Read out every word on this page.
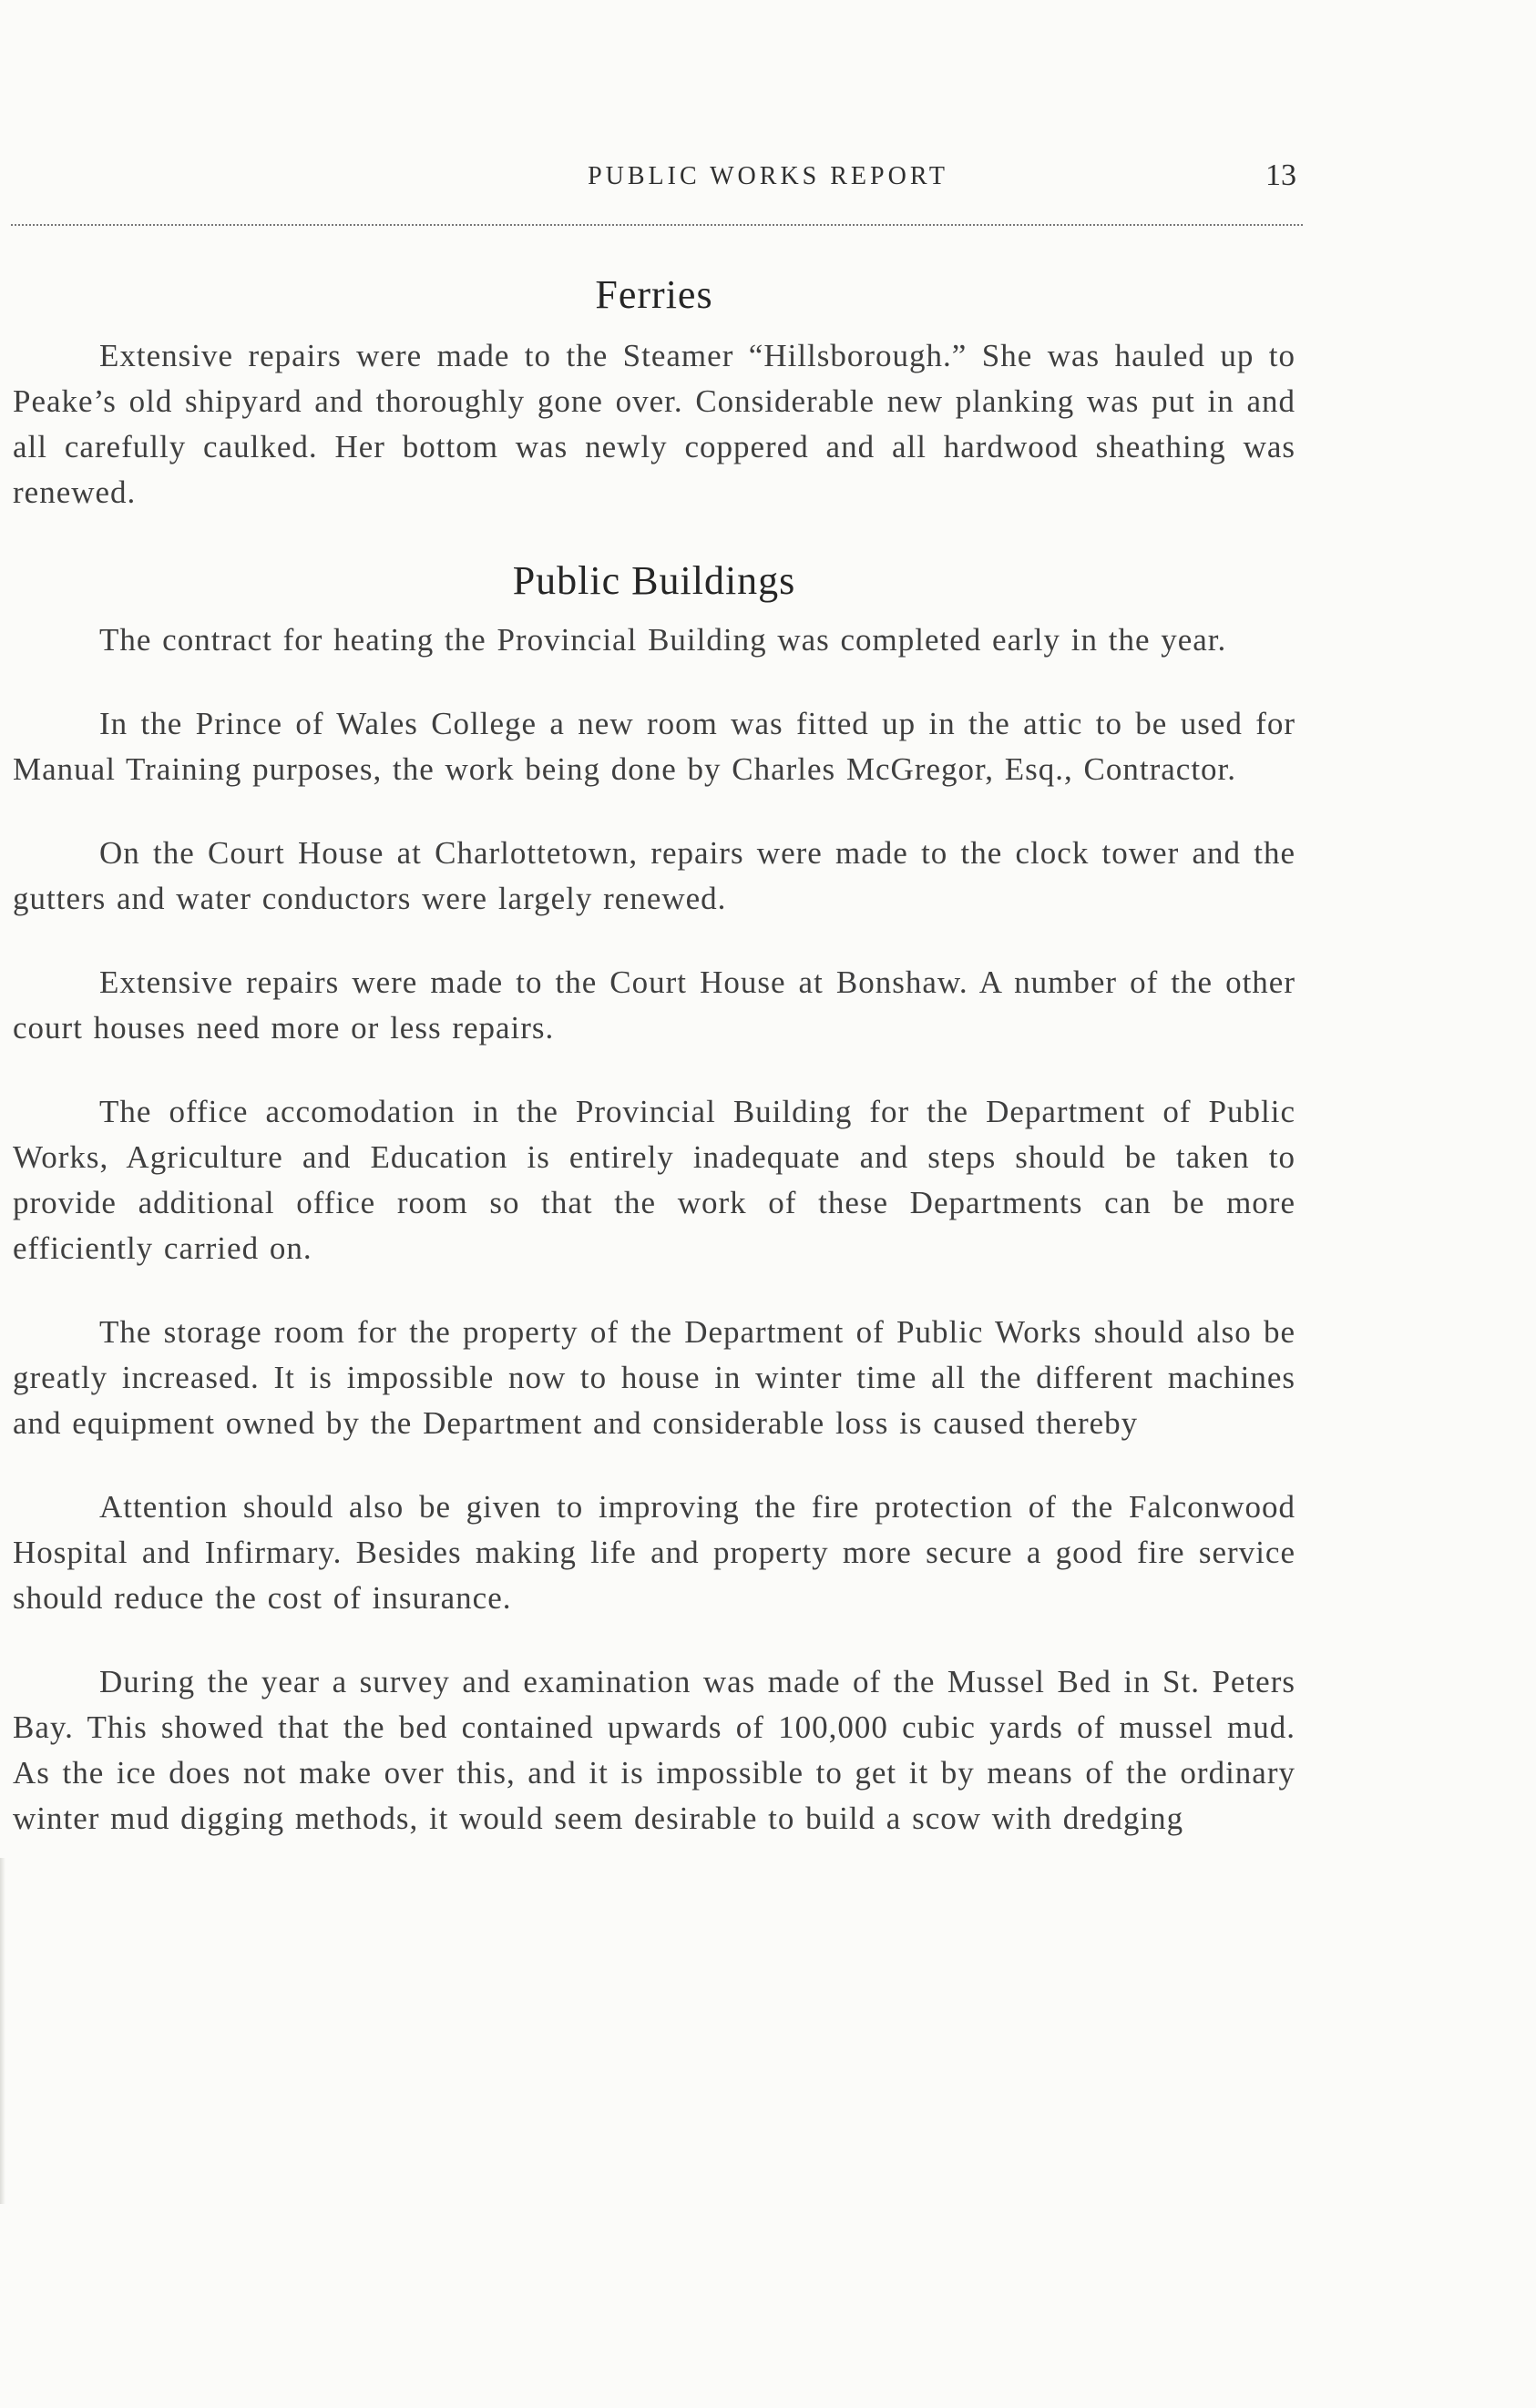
PUBLIC WORKS REPORT	13
Ferries

Extensive repairs were made to the Steamer “Hillsborough.” She was hauled up to Peake’s old shipyard and thoroughly gone over. Considerable new planking was put in and all carefully caulked. Her bottom was newly coppered and all hardwood sheathing was renewed.

Public Buildings

The contract for heating the Provincial Building was completed early in the year.

In the Prince of Wales College a new room was fitted up in the attic to be used for Manual Training purposes, the work being done by Charles McGregor, Esq., Contractor.

On the Court House at Charlottetown, repairs were made to the clock tower and the gutters and water conductors were largely renewed.

Extensive repairs were made to the Court House at Bonshaw. A number of the other court houses need more or less repairs.

The office accomodation in the Provincial Building for the Department of Public Works, Agriculture and Education is entirely inadequate and steps should be taken to provide additional office room so that the work of these Departments can be more efficiently carried on.

The storage room for the property of the Department of Public Works should also be greatly increased. It is impossible now to house in winter time all the different machines and equipment owned by the Department and considerable loss is caused thereby

Attention should also be given to improving the fire protection of the Falconwood Hospital and Infirmary. Besides making life and property more secure a good fire service should reduce the cost of insurance.

During the year a survey and examination was made of the Mussel Bed in St. Peters Bay. This showed that the bed contained upwards of 100,000 cubic yards of mussel mud. As the ice does not make over this, and it is impossible to get it by means of the ordinary winter mud digging methods, it would seem desirable to build a scow with dredging
